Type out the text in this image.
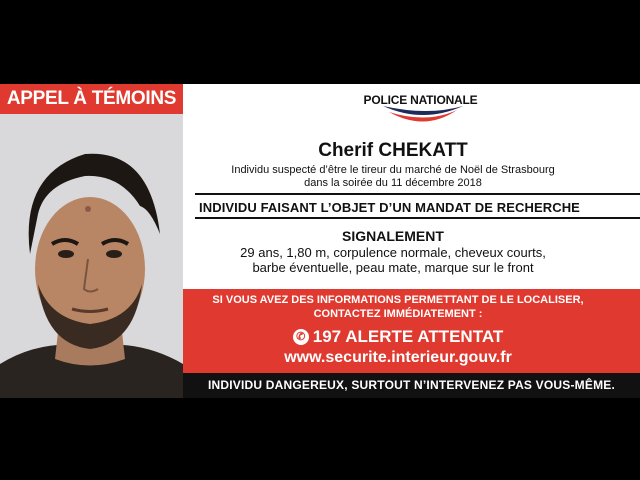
APPEL À TÉMOINS	POLICE NATIONALE
Cherif CHEKATT
Individu suspecté d’être le tireur du marché de Noël de Strasbourg
dans la soirée du 11 décembre 2018
INDIVIDU FAISANT L’OBJET D’UN MANDAT DE RECHERCHE
SIGNALEMENT
29 ans, 1,80 m, corpulence normale, cheveux courts,
barbe éventuelle, peau mate, marque sur le front
SI VOUS AVEZ DES INFORMATIONS PERMETTANT DE LE LOCALISER,
CONTACTEZ IMMÉDIATEMENT :
✆ 197 ALERTE ATTENTAT
www.securite.interieur.gouv.fr
INDIVIDU DANGEREUX, SURTOUT N’INTERVENEZ PAS VOUS-MÊME.
